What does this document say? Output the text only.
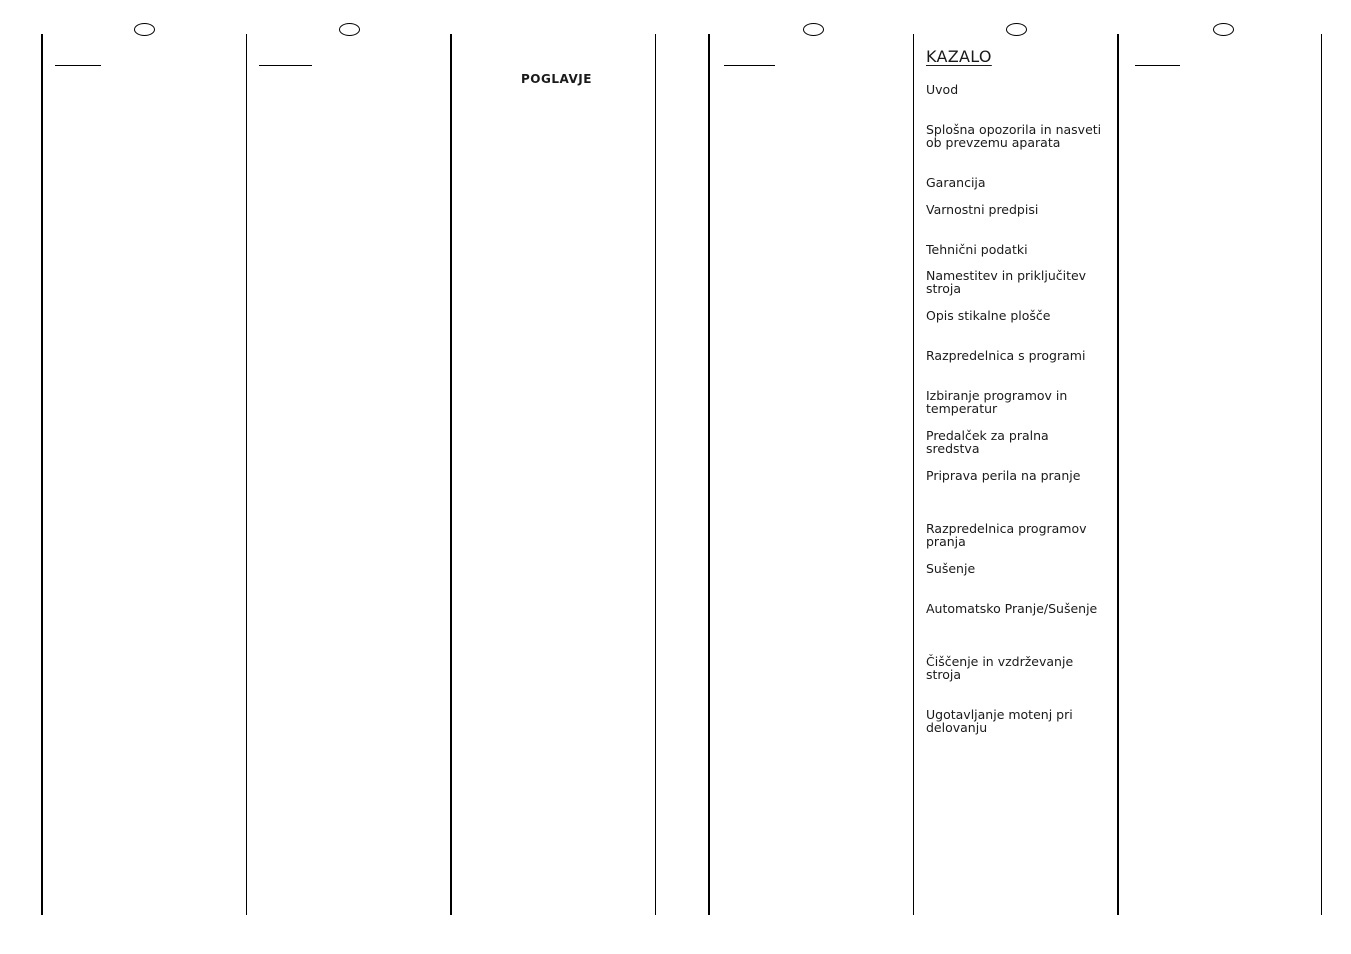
POGLAVJE
KAZALO
Uvod
Splošna opozorila in nasveti ob prevzemu aparata
Garancija
Varnostni predpisi
Tehnični podatki
Namestitev in priključitev stroja
Opis stikalne plošče
Razpredelnica s programi
Izbiranje programov in temperatur
Predalček za pralna sredstva
Priprava perila na pranje
Razpredelnica programov pranja
Sušenje
Automatsko Pranje/Sušenje
Čiščenje in vzdrževanje stroja
Ugotavljanje motenj pri delovanju
